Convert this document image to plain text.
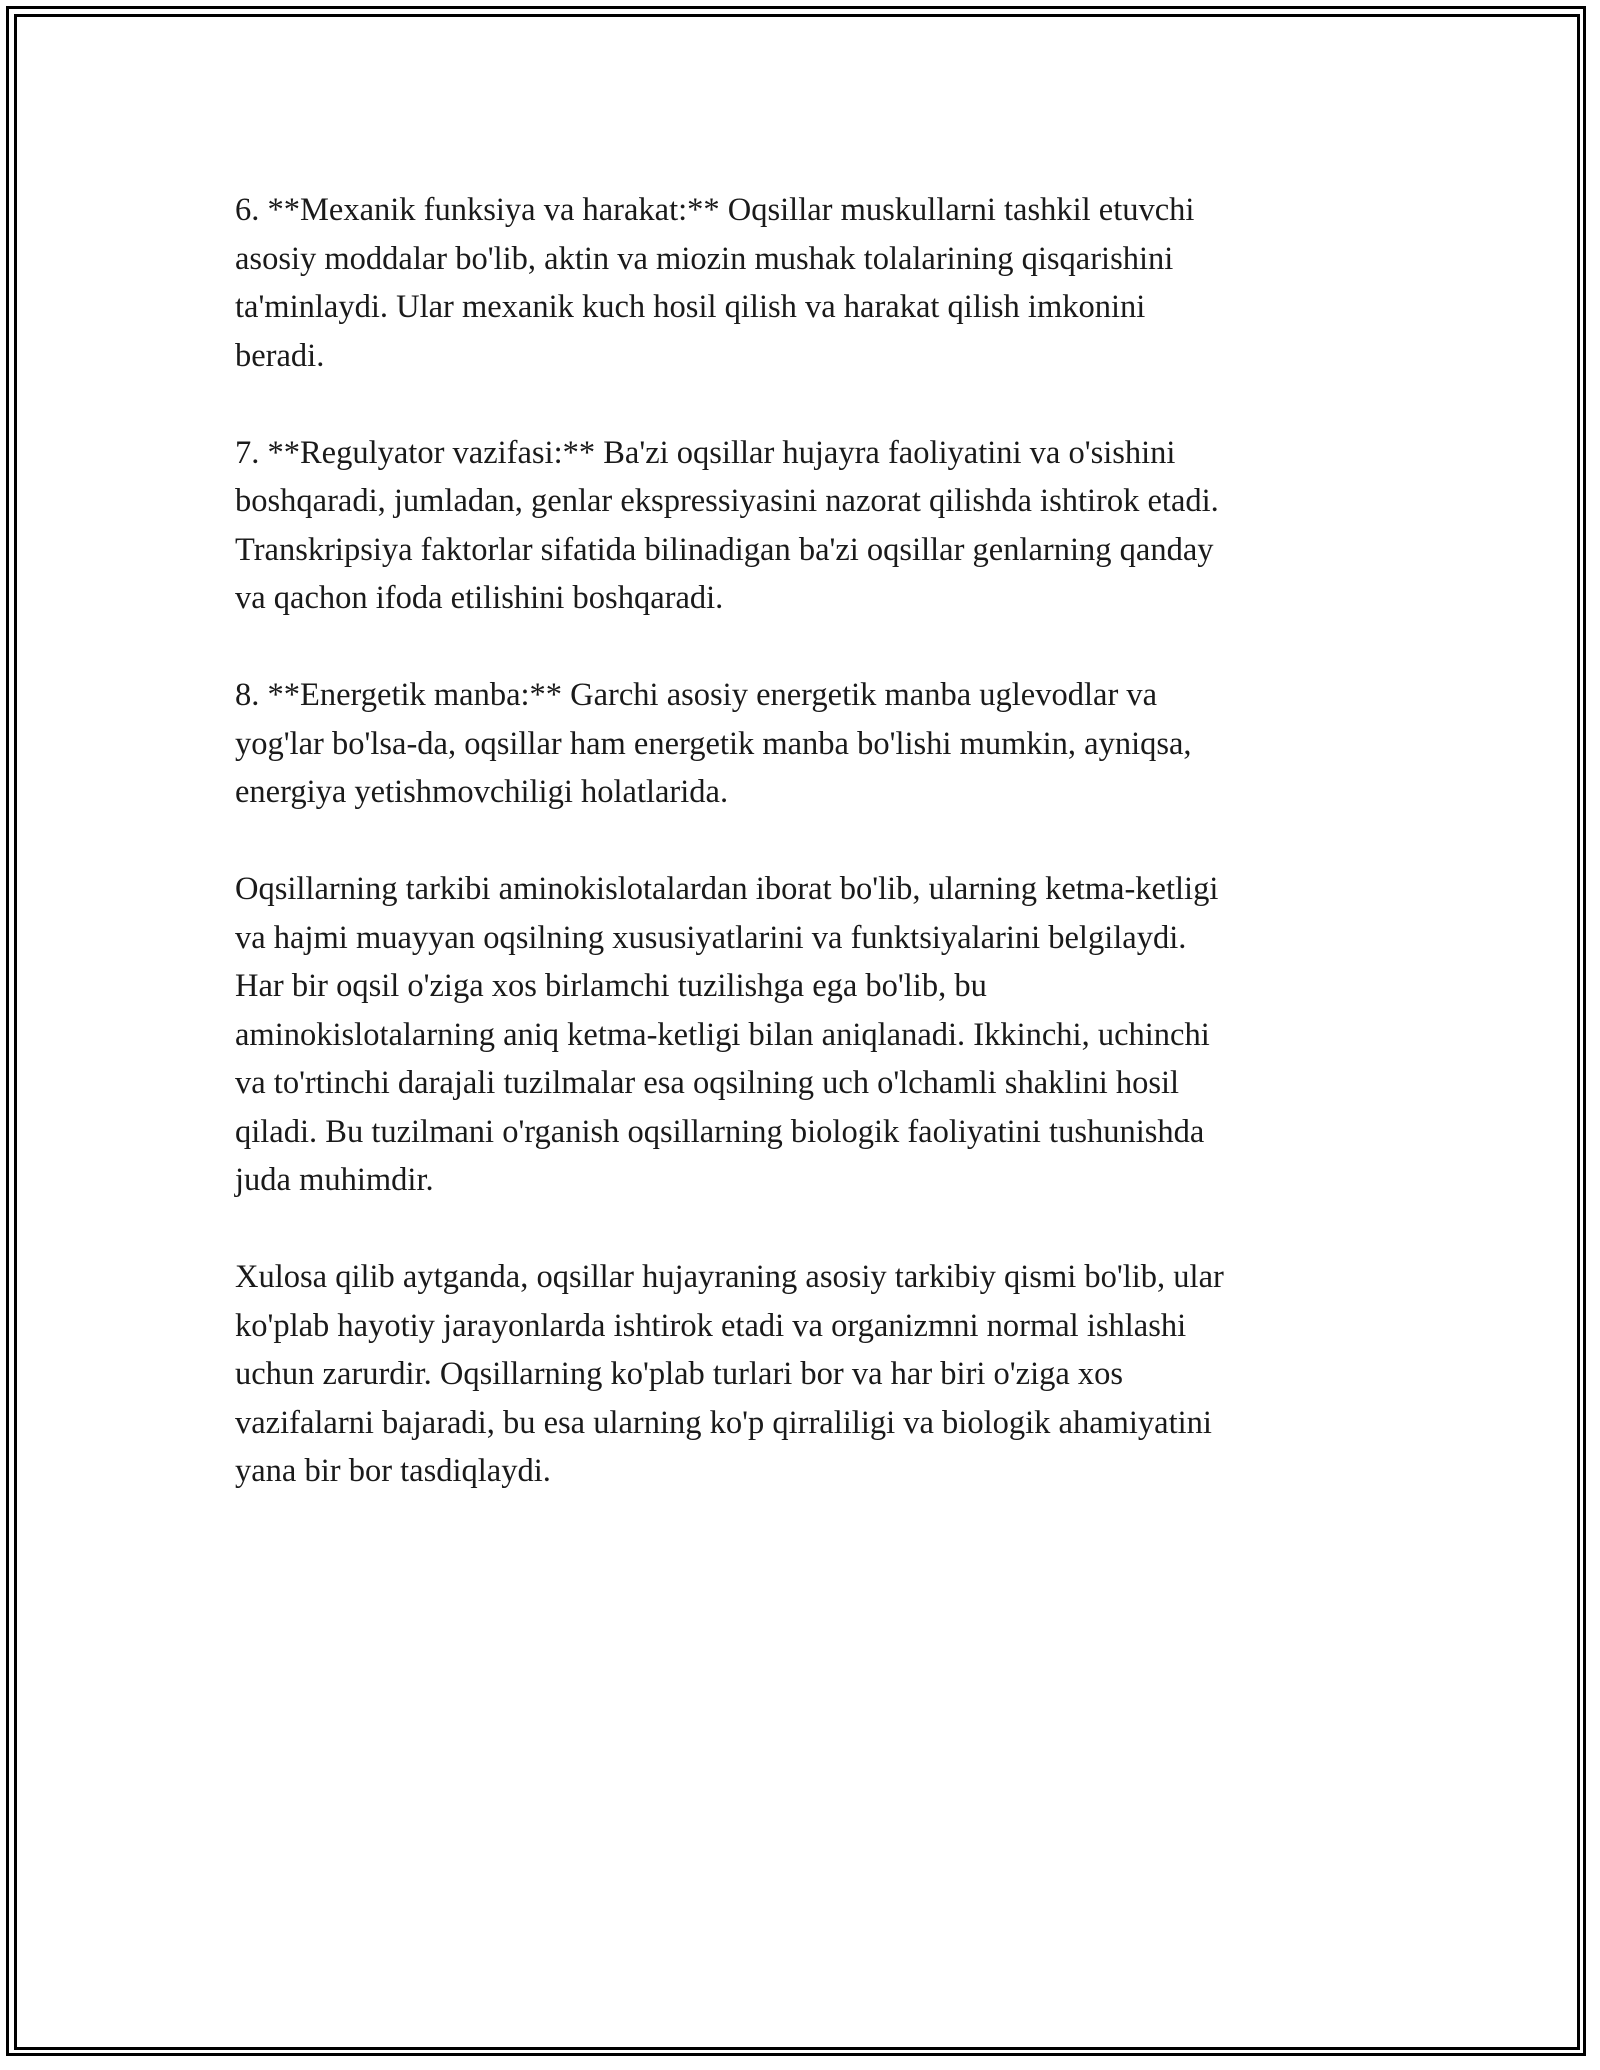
6. **Mexanik funksiya va harakat:** Oqsillar muskullarni tashkil etuvchi
asosiy moddalar bo'lib, aktin va miozin mushak tolalarining qisqarishini
ta'minlaydi. Ular mexanik kuch hosil qilish va harakat qilish imkonini
beradi.

7. **Regulyator vazifasi:** Ba'zi oqsillar hujayra faoliyatini va o'sishini
boshqaradi, jumladan, genlar ekspressiyasini nazorat qilishda ishtirok etadi.
Transkripsiya faktorlar sifatida bilinadigan ba'zi oqsillar genlarning qanday
va qachon ifoda etilishini boshqaradi.

8. **Energetik manba:** Garchi asosiy energetik manba uglevodlar va
yog'lar bo'lsa-da, oqsillar ham energetik manba bo'lishi mumkin, ayniqsa,
energiya yetishmovchiligi holatlarida.

Oqsillarning tarkibi aminokislotalardan iborat bo'lib, ularning ketma-ketligi
va hajmi muayyan oqsilning xususiyatlarini va funktsiyalarini belgilaydi.
Har bir oqsil o'ziga xos birlamchi tuzilishga ega bo'lib, bu
aminokislotalarning aniq ketma-ketligi bilan aniqlanadi. Ikkinchi, uchinchi
va to'rtinchi darajali tuzilmalar esa oqsilning uch o'lchamli shaklini hosil
qiladi. Bu tuzilmani o'rganish oqsillarning biologik faoliyatini tushunishda
juda muhimdir.

Xulosa qilib aytganda, oqsillar hujayraning asosiy tarkibiy qismi bo'lib, ular
ko'plab hayotiy jarayonlarda ishtirok etadi va organizmni normal ishlashi
uchun zarurdir. Oqsillarning ko'plab turlari bor va har biri o'ziga xos
vazifalarni bajaradi, bu esa ularning ko'p qirraliligi va biologik ahamiyatini
yana bir bor tasdiqlaydi.
